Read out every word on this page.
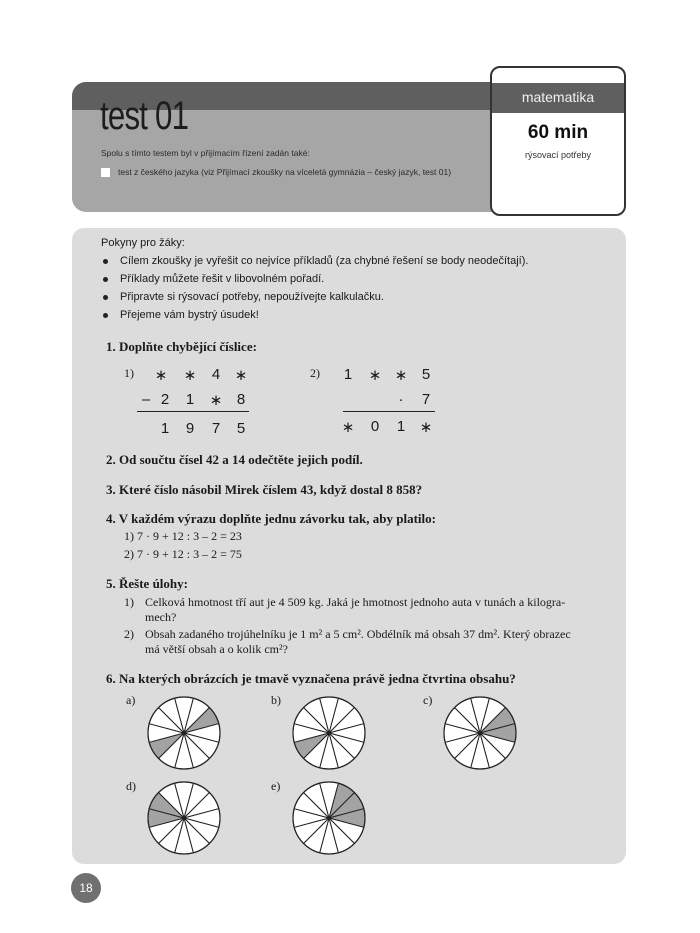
test 01
Spolu s tímto testem byl v přijímacím řízení zadán také:
test z českého jazyka (viz Přijímací zkoušky na víceletá gymnázia – český jazyk, test 01)
matematika
60 min
rýsovací potřeby
Pokyny pro žáky:
Cílem zkoušky je vyřešit co nejvíce příkladů (za chybné řešení se body neodečítají).
Příklady můžete řešit v libovolném pořadí.
Připravte si rýsovací potřeby, nepoužívejte kalkulačku.
Přejeme vám bystrý úsudek!
1. Doplňte chybějící číslice:
1) ∗ ∗ 4 ∗
– 2 1 ∗ 8
1 9 7 5
2) 1 ∗ ∗ 5
·	7
∗ 0 1 ∗
2. Od součtu čísel 42 a 14 odečtěte jejich podíl.
3. Které číslo násobil Mirek číslem 43, když dostal 8 858?
4. V každém výrazu doplňte jednu závorku tak, aby platilo:
1) 7 · 9 + 12 : 3 – 2 = 23
2) 7 · 9 + 12 : 3 – 2 = 75
5. Řešte úlohy:
1) Celková hmotnost tří aut je 4 509 kg. Jaká je hmotnost jednoho auta v tunách a kilogra-
mech?
2) Obsah zadaného trojúhelníku je 1 m² a 5 cm². Obdélník má obsah 37 dm². Který obrazec
má větší obsah a o kolik cm²?
6. Na kterých obrázcích je tmavě vyznačena právě jedna čtvrtina obsahu?
a)	b)	c)
d)	e)
18
